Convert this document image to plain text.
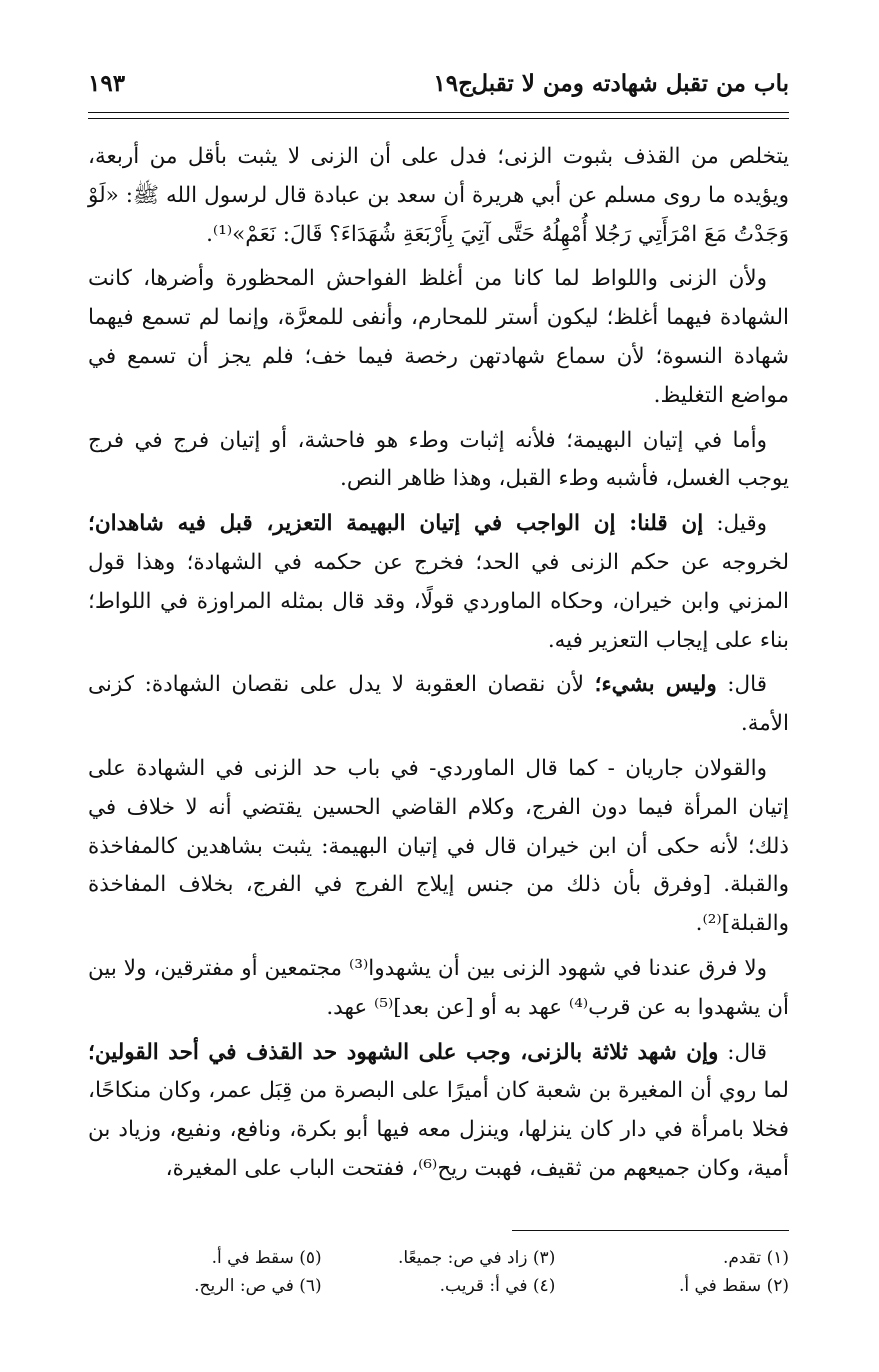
باب من تقبل شهادته ومن لا تقبل
ج١٩
١٩٣

يتخلص من القذف بثبوت الزنى؛ فدل على أن الزنى لا يثبت بأقل من أربعة، ويؤيده ما روى مسلم عن أبي هريرة أن سعد بن عبادة قال لرسول الله ﷺ: «لَوْ وَجَدْتُ مَعَ امْرَأَتِي رَجُلا أُمْهِلُهُ حَتَّى آتِيَ بِأَرْبَعَةِ شُهَدَاءَ؟ قَالَ: نَعَمْ»⁽¹⁾.

ولأن الزنى واللواط لما كانا من أغلظ الفواحش المحظورة وأضرها، كانت الشهادة فيهما أغلظ؛ ليكون أستر للمحارم، وأنفى للمعرَّة، وإنما لم تسمع فيهما شهادة النسوة؛ لأن سماع شهادتهن رخصة فيما خف؛ فلم يجز أن تسمع في مواضع التغليظ.

وأما في إتيان البهيمة؛ فلأنه إثبات وطء هو فاحشة، أو إتيان فرج في فرج يوجب الغسل، فأشبه وطء القبل، وهذا ظاهر النص.

وقيل: إن قلنا: إن الواجب في إتيان البهيمة التعزير، قبل فيه شاهدان؛ لخروجه عن حكم الزنى في الحد؛ فخرج عن حكمه في الشهادة؛ وهذا قول المزني وابن خيران، وحكاه الماوردي قولًا، وقد قال بمثله المراوزة في اللواط؛ بناء على إيجاب التعزير فيه.

قال: وليس بشيء؛ لأن نقصان العقوبة لا يدل على نقصان الشهادة: كزنى الأمة.

والقولان جاريان - كما قال الماوردي- في باب حد الزنى في الشهادة على إتيان المرأة فيما دون الفرج، وكلام القاضي الحسين يقتضي أنه لا خلاف في ذلك؛ لأنه حكى أن ابن خيران قال في إتيان البهيمة: يثبت بشاهدين كالمفاخذة والقبلة. [وفرق بأن ذلك من جنس إيلاج الفرج في الفرج، بخلاف المفاخذة والقبلة]⁽²⁾.

ولا فرق عندنا في شهود الزنى بين أن يشهدوا⁽³⁾ مجتمعين أو مفترقين، ولا بين أن يشهدوا به عن قرب⁽⁴⁾ عهد به أو [عن بعد]⁽⁵⁾ عهد.

قال: وإن شهد ثلاثة بالزنى، وجب على الشهود حد القذف في أحد القولين؛ لما روي أن المغيرة بن شعبة كان أميرًا على البصرة من قِبَل عمر، وكان منكاحًا، فخلا بامرأة في دار كان ينزلها، وينزل معه فيها أبو بكرة، ونافع، ونفيع، وزياد بن أمية، وكان جميعهم من ثقيف، فهبت ريح⁽⁶⁾، ففتحت الباب على المغيرة،

(١) تقدم.
(٣) زاد في ص: جميعًا.
(٥) سقط في أ.
(٢) سقط في أ.
(٤) في أ: قريب.
(٦) في ص: الريح.
